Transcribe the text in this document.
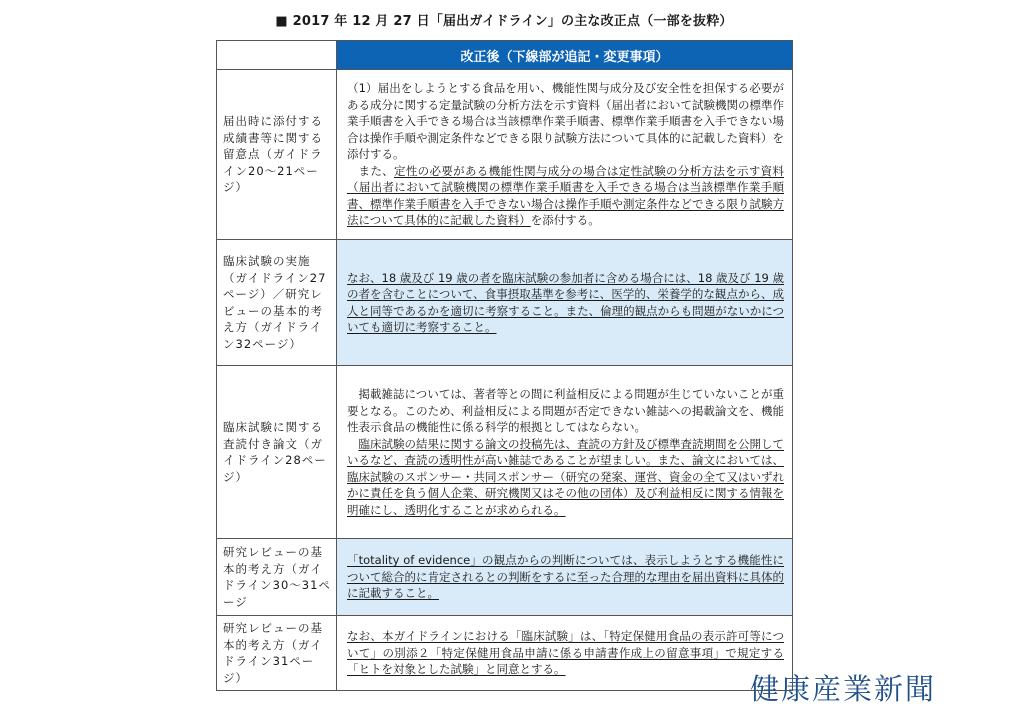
■ 2017 年 12 月 27 日「届出ガイドライン」の主な改正点（一部を抜粋）
	改正後（下線部が追記・変更事項）
届出時に添付する成績書等に関する留意点（ガイドライン20～21ページ）	（1）届出をしようとする食品を用い、機能性関与成分及び安全性を担保する必要がある成分に関する定量試験の分析方法を示す資料（届出者において試験機関の標準作業手順書を入手できる場合は当該標準作業手順書、標準作業手順書を入手できない場合は操作手順や測定条件などできる限り試験方法について具体的に記載した資料）を添付する。
また、定性の必要がある機能性関与成分の場合は定性試験の分析方法を示す資料（届出者において試験機関の標準作業手順書を入手できる場合は当該標準作業手順書、標準作業手順書を入手できない場合は操作手順や測定条件などできる限り試験方法について具体的に記載した資料）を添付する。

臨床試験の実施（ガイドライン27ページ）／研究レビューの基本的考え方（ガイドライン32ページ）	なお、18 歳及び 19 歳の者を臨床試験の参加者に含める場合には、18 歳及び 19 歳の者を含むことについて、食事摂取基準を参考に、医学的、栄養学的な観点から、成人と同等であるかを適切に考察すること。また、倫理的観点からも問題がないかについても適切に考察すること。

臨床試験に関する査読付き論文（ガイドライン28ページ）	掲載雑誌については、著者等との間に利益相反による問題が生じていないことが重要となる。このため、利益相反による問題が否定できない雑誌への掲載論文を、機能性表示食品の機能性に係る科学的根拠としてはならない。
臨床試験の結果に関する論文の投稿先は、査読の方針及び標準査読期間を公開しているなど、査読の透明性が高い雑誌であることが望ましい。また、論文においては、臨床試験のスポンサー・共同スポンサー（研究の発案、運営、資金の全て又はいずれかに責任を負う個人企業、研究機関又はその他の団体）及び利益相反に関する情報を明確にし、透明化することが求められる。

研究レビューの基本的考え方（ガイドライン30～31ページ	「totality of evidence」の観点からの判断については、表示しようとする機能性について総合的に肯定されるとの判断をするに至った合理的な理由を届出資料に具体的に記載すること。

研究レビューの基本的考え方（ガイドライン31ページ）	なお、本ガイドラインにおける「臨床試験」は、「特定保健用食品の表示許可等について」の別添２「特定保健用食品申請に係る申請書作成上の留意事項」で規定する「ヒトを対象とした試験」と同意とする。
健康産業新聞
